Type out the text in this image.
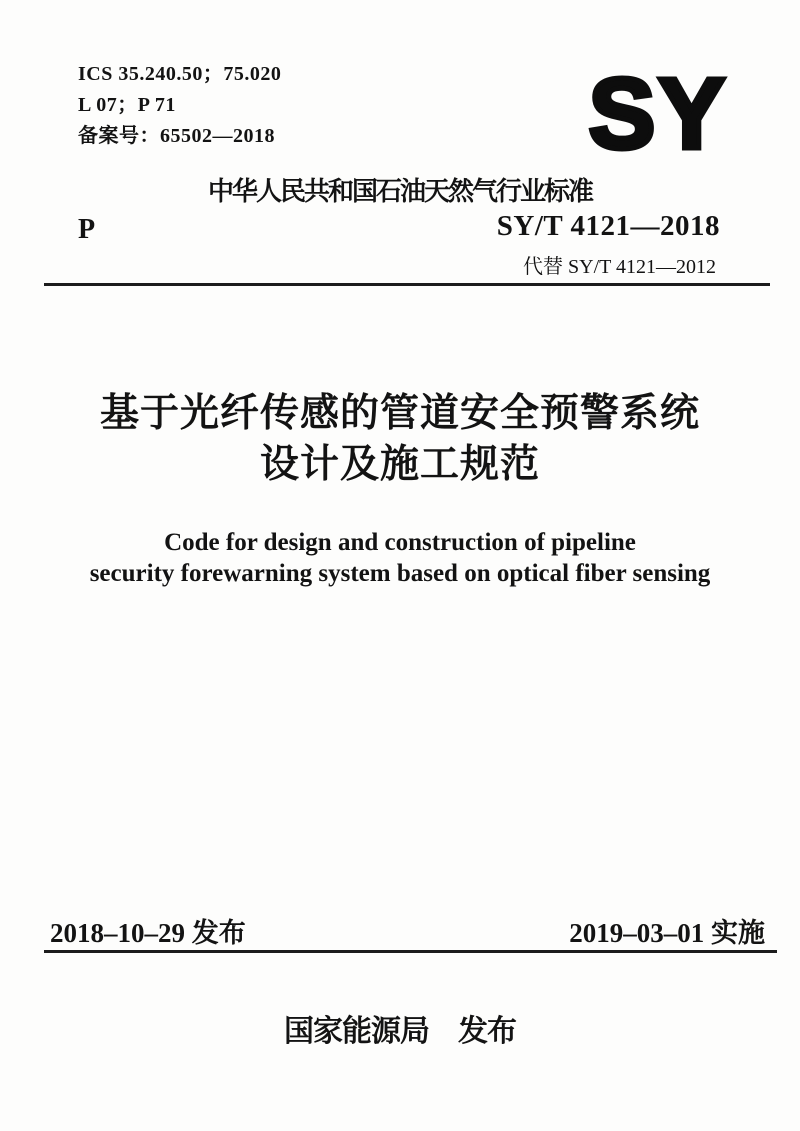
ICS 35.240.50；75.020
L 07；P 71
备案号：65502—2018	SY
中华人民共和国石油天然气行业标准
P	SY/T 4121—2018
代替 SY/T 4121—2012
基于光纤传感的管道安全预警系统
设计及施工规范
Code for design and construction of pipeline
security forewarning system based on optical fiber sensing
2018–10–29 发布	2019–03–01 实施
国家能源局　发布
